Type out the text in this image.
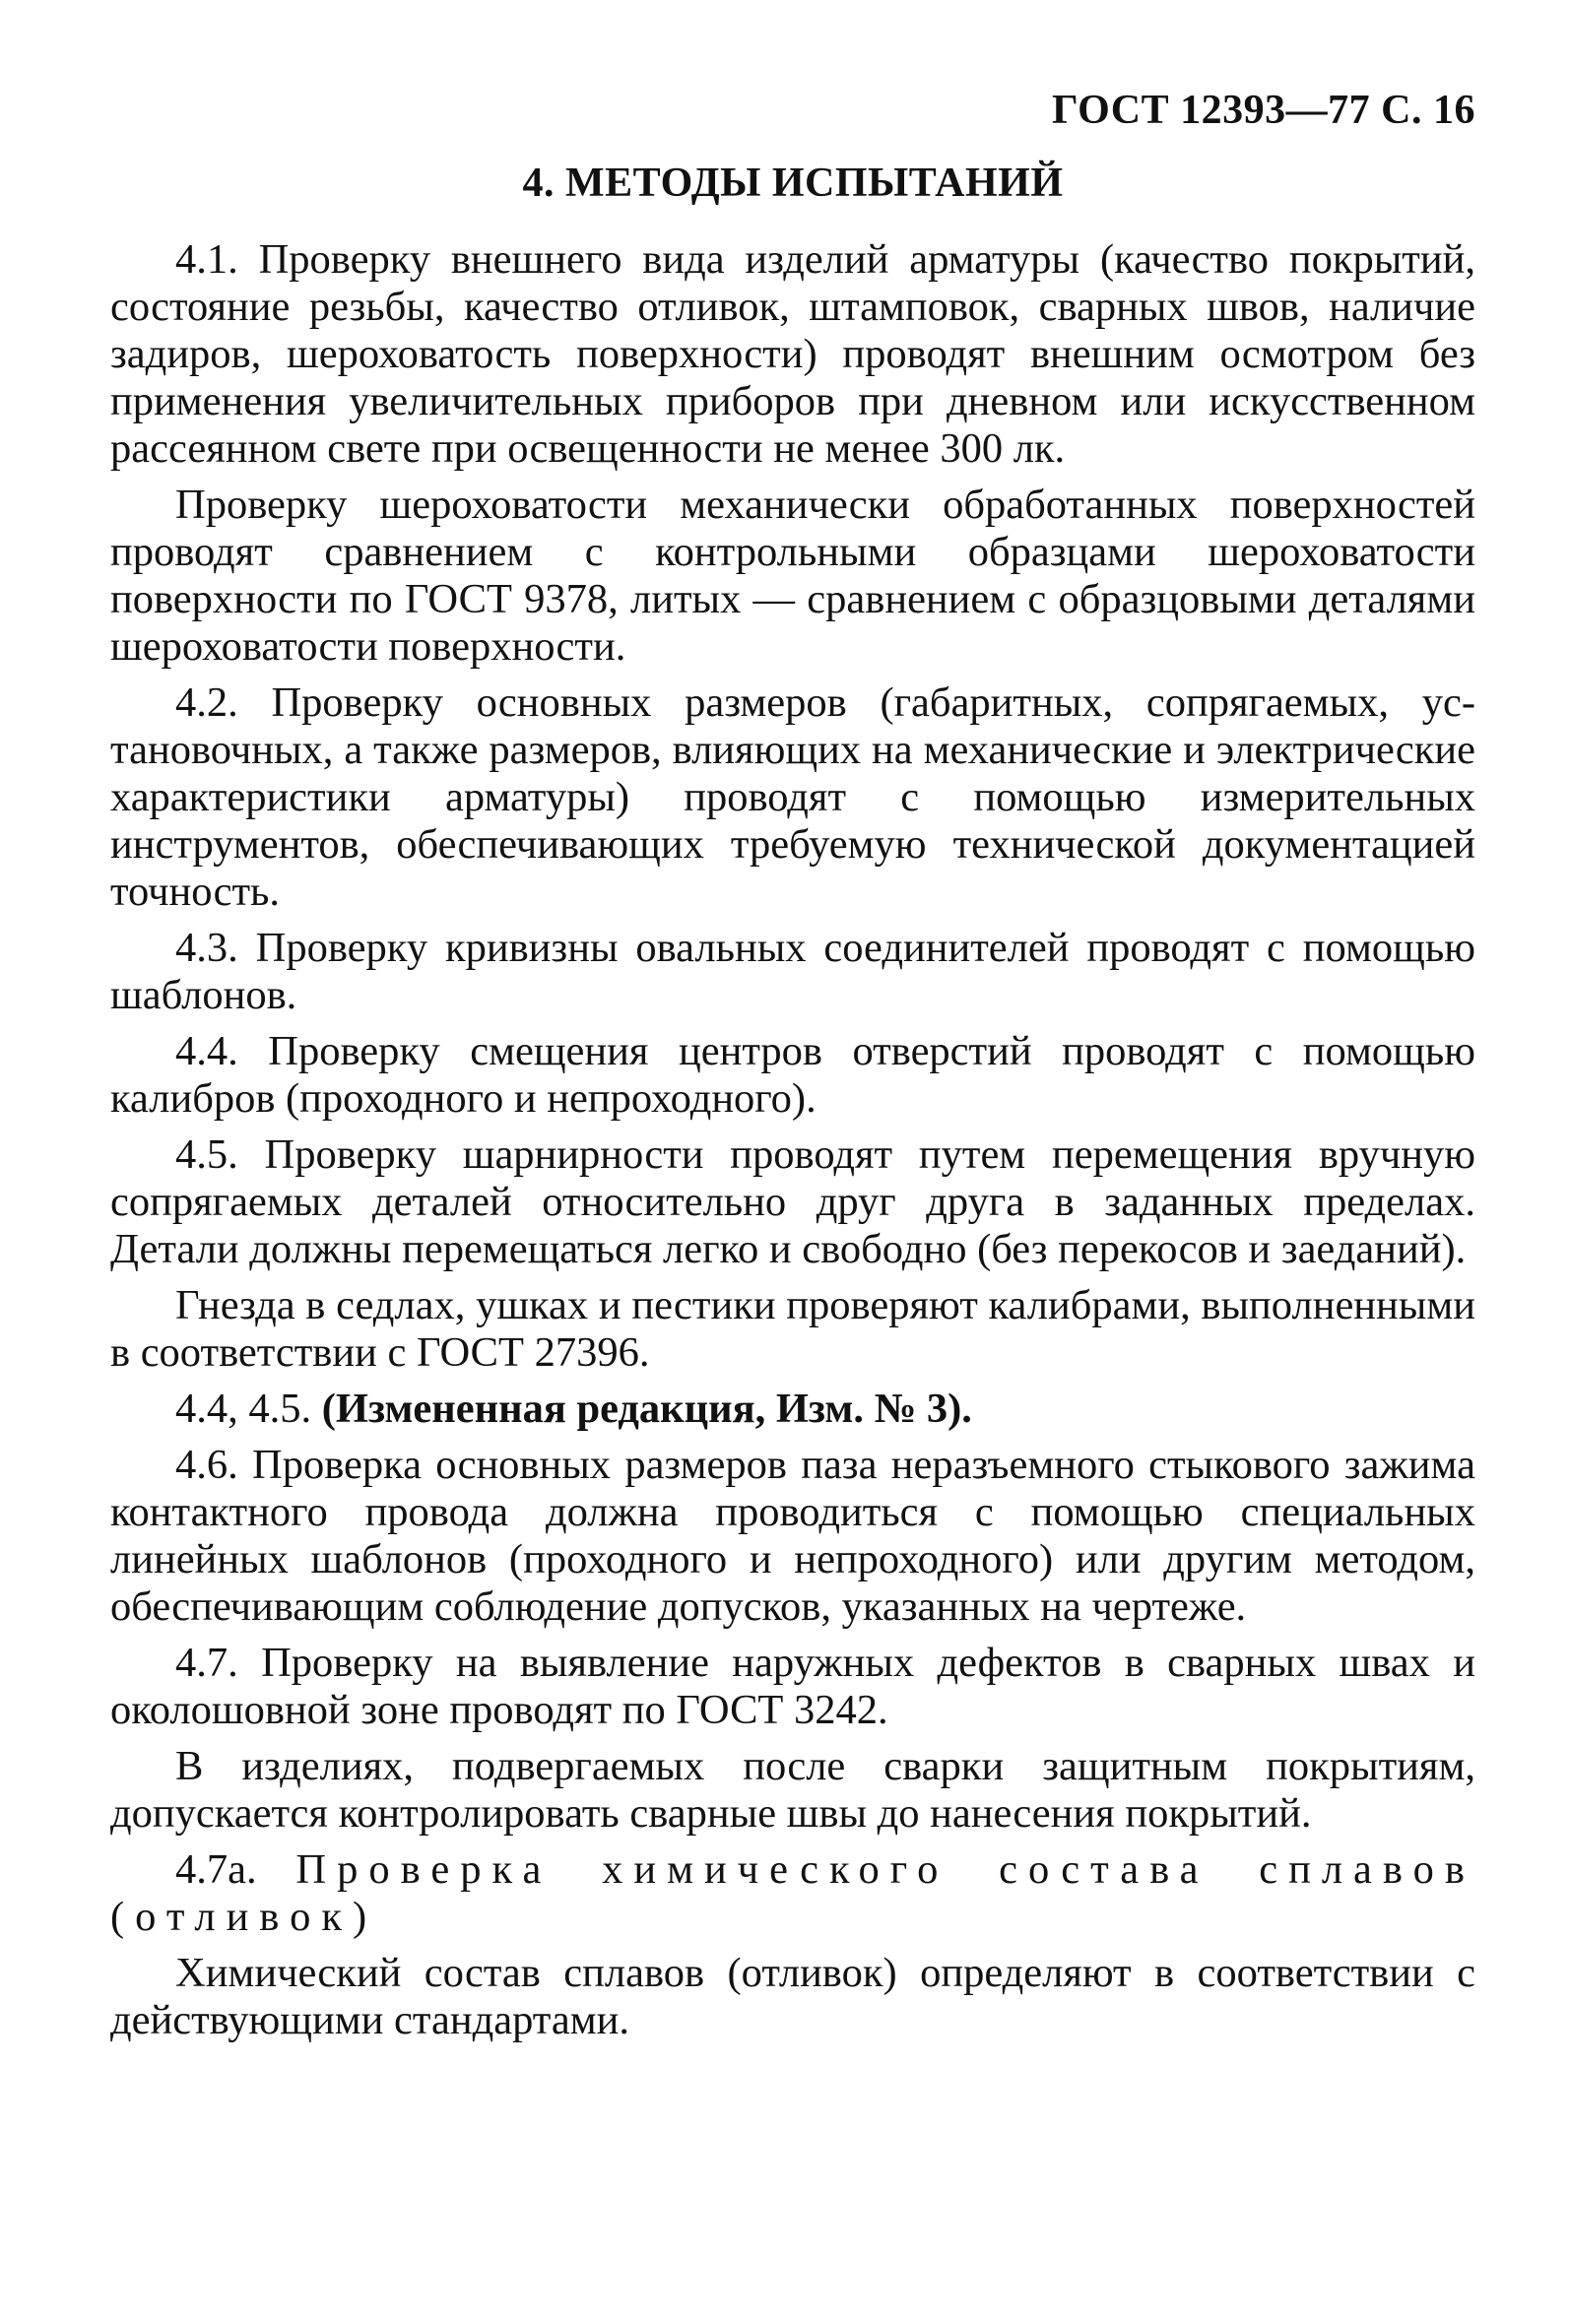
ГОСТ 12393—77 С. 16
4. МЕТОДЫ ИСПЫТАНИЙ

4.1. Проверку внешнего вида изделий арматуры (качество покрытий, состояние резьбы, качество отливок, штамповок, сварных швов, наличие задиров, шероховатость поверхности) проводят внешним осмотром без применения увеличительных приборов при дневном или искусственном рассеянном свете при освещенности не менее 300 лк.

Проверку шероховатости механически обработанных поверхностей проводят сравнением с контрольными образцами шероховатости поверхности по ГОСТ 9378, литых — сравнением с образцовыми деталями шероховатости поверхности.

4.2. Проверку основных размеров (габаритных, сопрягаемых, установочных, а также размеров, влияющих на механические и электрические характеристики арматуры) проводят с помощью измерительных инструментов, обеспечивающих требуемую технической документацией точность.

4.3. Проверку кривизны овальных соединителей проводят с помощью шаблонов.

4.4. Проверку смещения центров отверстий проводят с помощью калибров (проходного и непроходного).

4.5. Проверку шарнирности проводят путем перемещения вручную сопрягаемых деталей относительно друг друга в заданных пределах. Детали должны перемещаться легко и свободно (без перекосов и заеданий).

Гнезда в седлах, ушках и пестики проверяют калибрами, выполненными в соответствии с ГОСТ 27396.

4.4, 4.5. (Измененная редакция, Изм. № 3).

4.6. Проверка основных размеров паза неразъемного стыкового зажима контактного провода должна проводиться с помощью специальных линейных шаблонов (проходного и непроходного) или другим методом, обеспечивающим соблюдение допусков, указанных на чертеже.

4.7. Проверку на выявление наружных дефектов в сварных швах и околошовной зоне проводят по ГОСТ 3242.

В изделиях, подвергаемых после сварки защитным покрытиям, допускается контролировать сварные швы до нанесения покрытий.

4.7а. Проверка химического состава сплавов (отливок)

Химический состав сплавов (отливок) определяют в соответствии с действующими стандартами.
